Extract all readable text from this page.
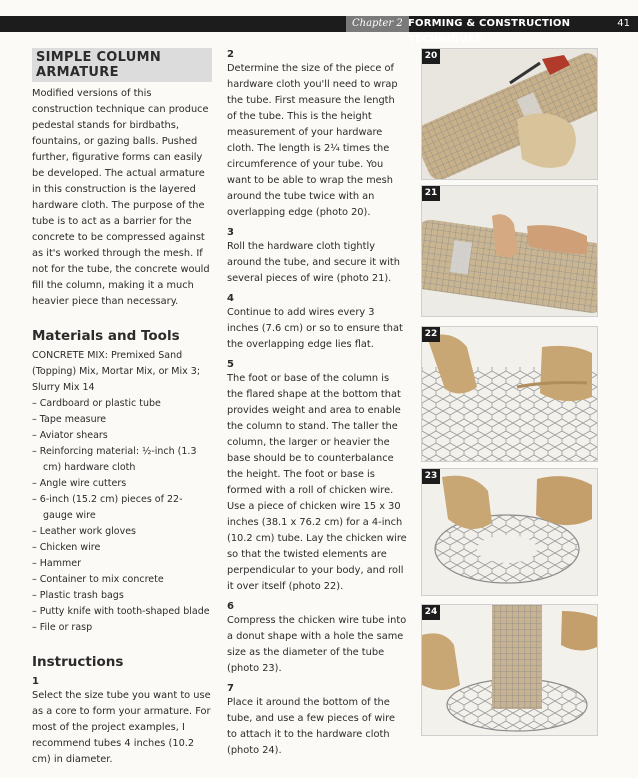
Chapter 2 FORMING & CONSTRUCTION TECHNIQUES
41
SIMPLE COLUMN ARMATURE

Modified versions of this construction technique can produce pedestal stands for birdbaths, fountains, or gazing balls. Pushed further, figurative forms can easily be developed. The actual armature in this construction is the layered hardware cloth. The purpose of the tube is to act as a barrier for the concrete to be compressed against as it's worked through the mesh. If not for the tube, the concrete would fill the column, making it a much heavier piece than necessary.

Materials and Tools

CONCRETE MIX: Premixed Sand (Topping) Mix, Mortar Mix, or Mix 3; Slurry Mix 14

– Cardboard or plastic tube
– Tape measure
– Aviator shears
– Reinforcing material: ½-inch (1.3 cm) hardware cloth
– Angle wire cutters
– 6-inch (15.2 cm) pieces of 22-gauge wire
– Leather work gloves
– Chicken wire
– Hammer
– Container to mix concrete
– Plastic trash bags
– Putty knife with tooth-shaped blade
– File or rasp
Instructions
1

Select the size tube you want to use as a core to form your armature. For most of the project examples, I recommend tubes 4 inches (10.2 cm) in diameter.

2

Determine the size of the piece of hardware cloth you'll need to wrap the tube. First measure the length of the tube. This is the height measurement of your hardware cloth. The length is 2¼ times the circumference of your tube. You want to be able to wrap the mesh around the tube twice with an overlapping edge (photo 20).

3

Roll the hardware cloth tightly around the tube, and secure it with several pieces of wire (photo 21).

4

Continue to add wires every 3 inches (7.6 cm) or so to ensure that the overlapping edge lies flat.

5

The foot or base of the column is the flared shape at the bottom that provides weight and area to enable the column to stand. The taller the column, the larger or heavier the base should be to counterbalance the height. The foot or base is formed with a roll of chicken wire. Use a piece of chicken wire 15 x 30 inches (38.1 x 76.2 cm) for a 4-inch (10.2 cm) tube. Lay the chicken wire so that the twisted elements are perpendicular to your body, and roll it over itself (photo 22).

6

Compress the chicken wire tube into a donut shape with a hole the same size as the diameter of the tube (photo 23).

7

Place it around the bottom of the tube, and use a few pieces of wire to attach it to the hardware cloth (photo 24).

20
21
22
23
24
